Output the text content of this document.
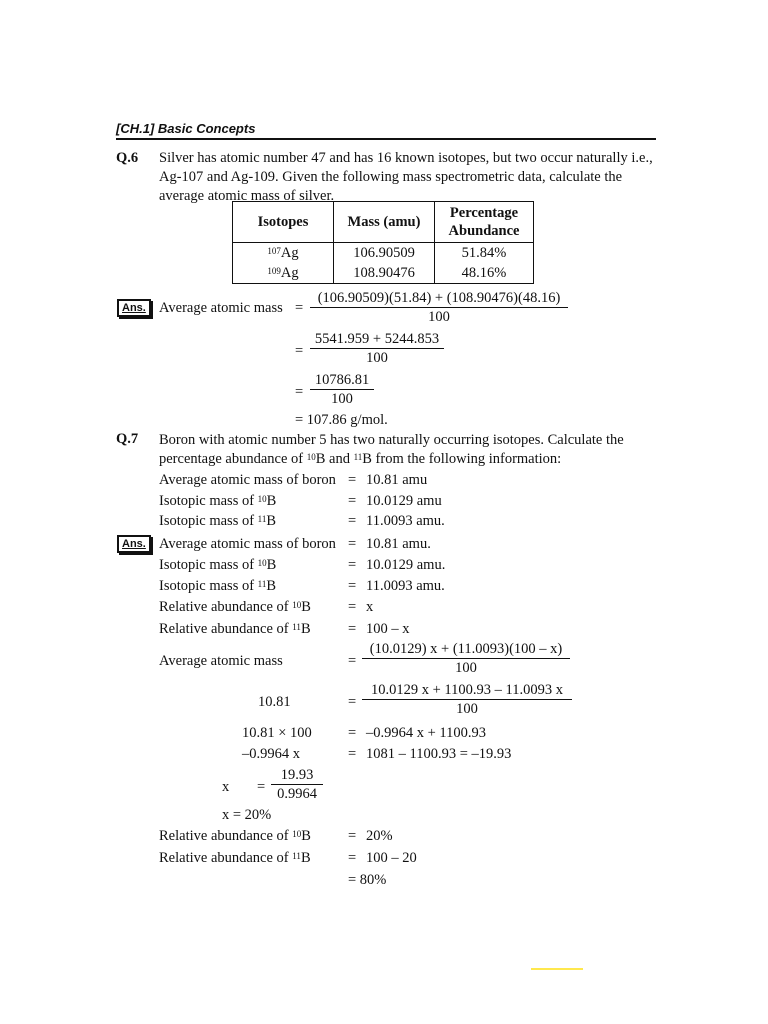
[CH.1] Basic Concepts
Q.6 Silver has atomic number 47 and has 16 known isotopes, but two occur naturally i.e., Ag-107 and Ag-109. Given the following mass spectrometric data, calculate the average atomic mass of silver.
Isotopes	Mass (amu)	Percentage Abundance
$^{107}$Ag	106.90509	51.84%
$^{109}$Ag	108.90476	48.16%
Ans. Average atomic mass = $\frac{(106.90509)(51.84) + (108.90476)(48.16)}{100}$
= $\frac{5541.959 + 5244.853}{100}$
= $\frac{10786.81}{100}$
= 107.86 g/mol.
Q.7 Boron with atomic number 5 has two naturally occurring isotopes. Calculate the
percentage abundance of $^{10}$B and $^{11}$B from the following information:
Average atomic mass of boron = 10.81 amu
Isotopic mass of $^{10}$B	= 10.0129 amu
Isotopic mass of $^{11}$B	= 11.0093 amu.
Ans. Average atomic mass of boron = 10.81 amu.
Isotopic mass of $^{10}$B	= 10.0129 amu.
Isotopic mass of $^{11}$B	= 11.0093 amu.
Relative abundance of $^{10}$B	= x
Relative abundance of $^{11}$B	= 100 – x
Average atomic mass	= $\frac{(10.0129) x + (11.0093)(100 - x)}{100}$
10.81	= $\frac{10.0129 x + 1100.93 - 11.0093 x}{100}$
10.81 × 100 = –0.9964 x + 1100.93
–0.9964 x	= 1081 – 1100.93 = –19.93
$x = \frac{19.93}{0.9964}$
x = 20%
Relative abundance of $^{10}$B	= 20%
Relative abundance of $^{11}$B	= 100 – 20
= 80%
